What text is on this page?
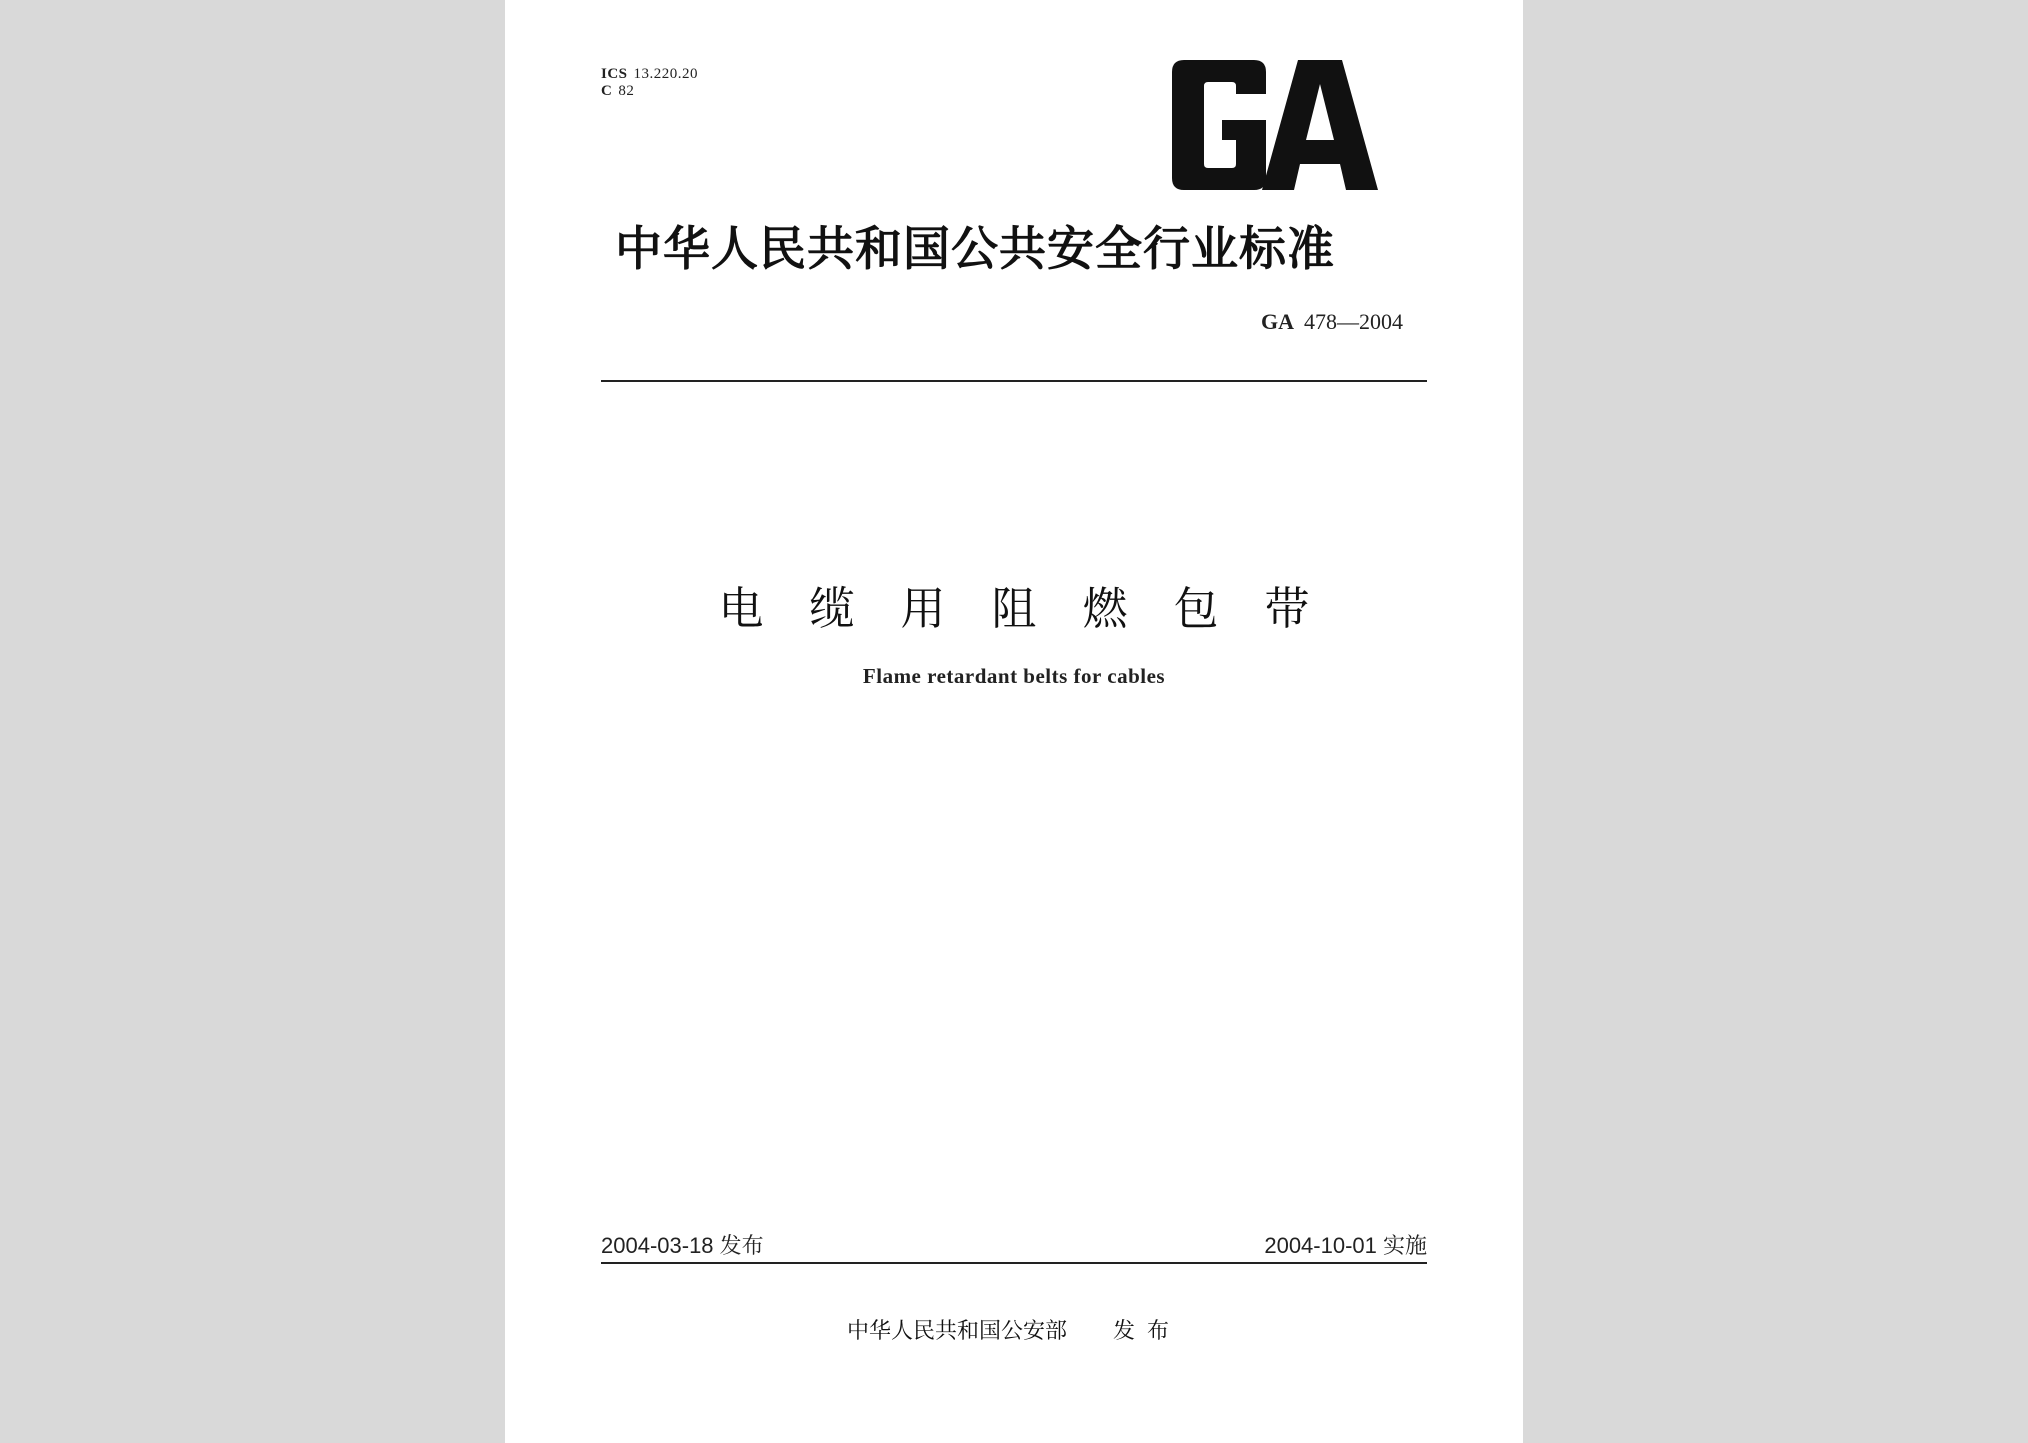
ICS 13.220.20
C 82
中华人民共和国公共安全行业标准
GA 478—2004
电缆用阻燃包带
Flame retardant belts for cables
2004-03-18 发布	2004-10-01 实施
中华人民共和国公安部 发布
